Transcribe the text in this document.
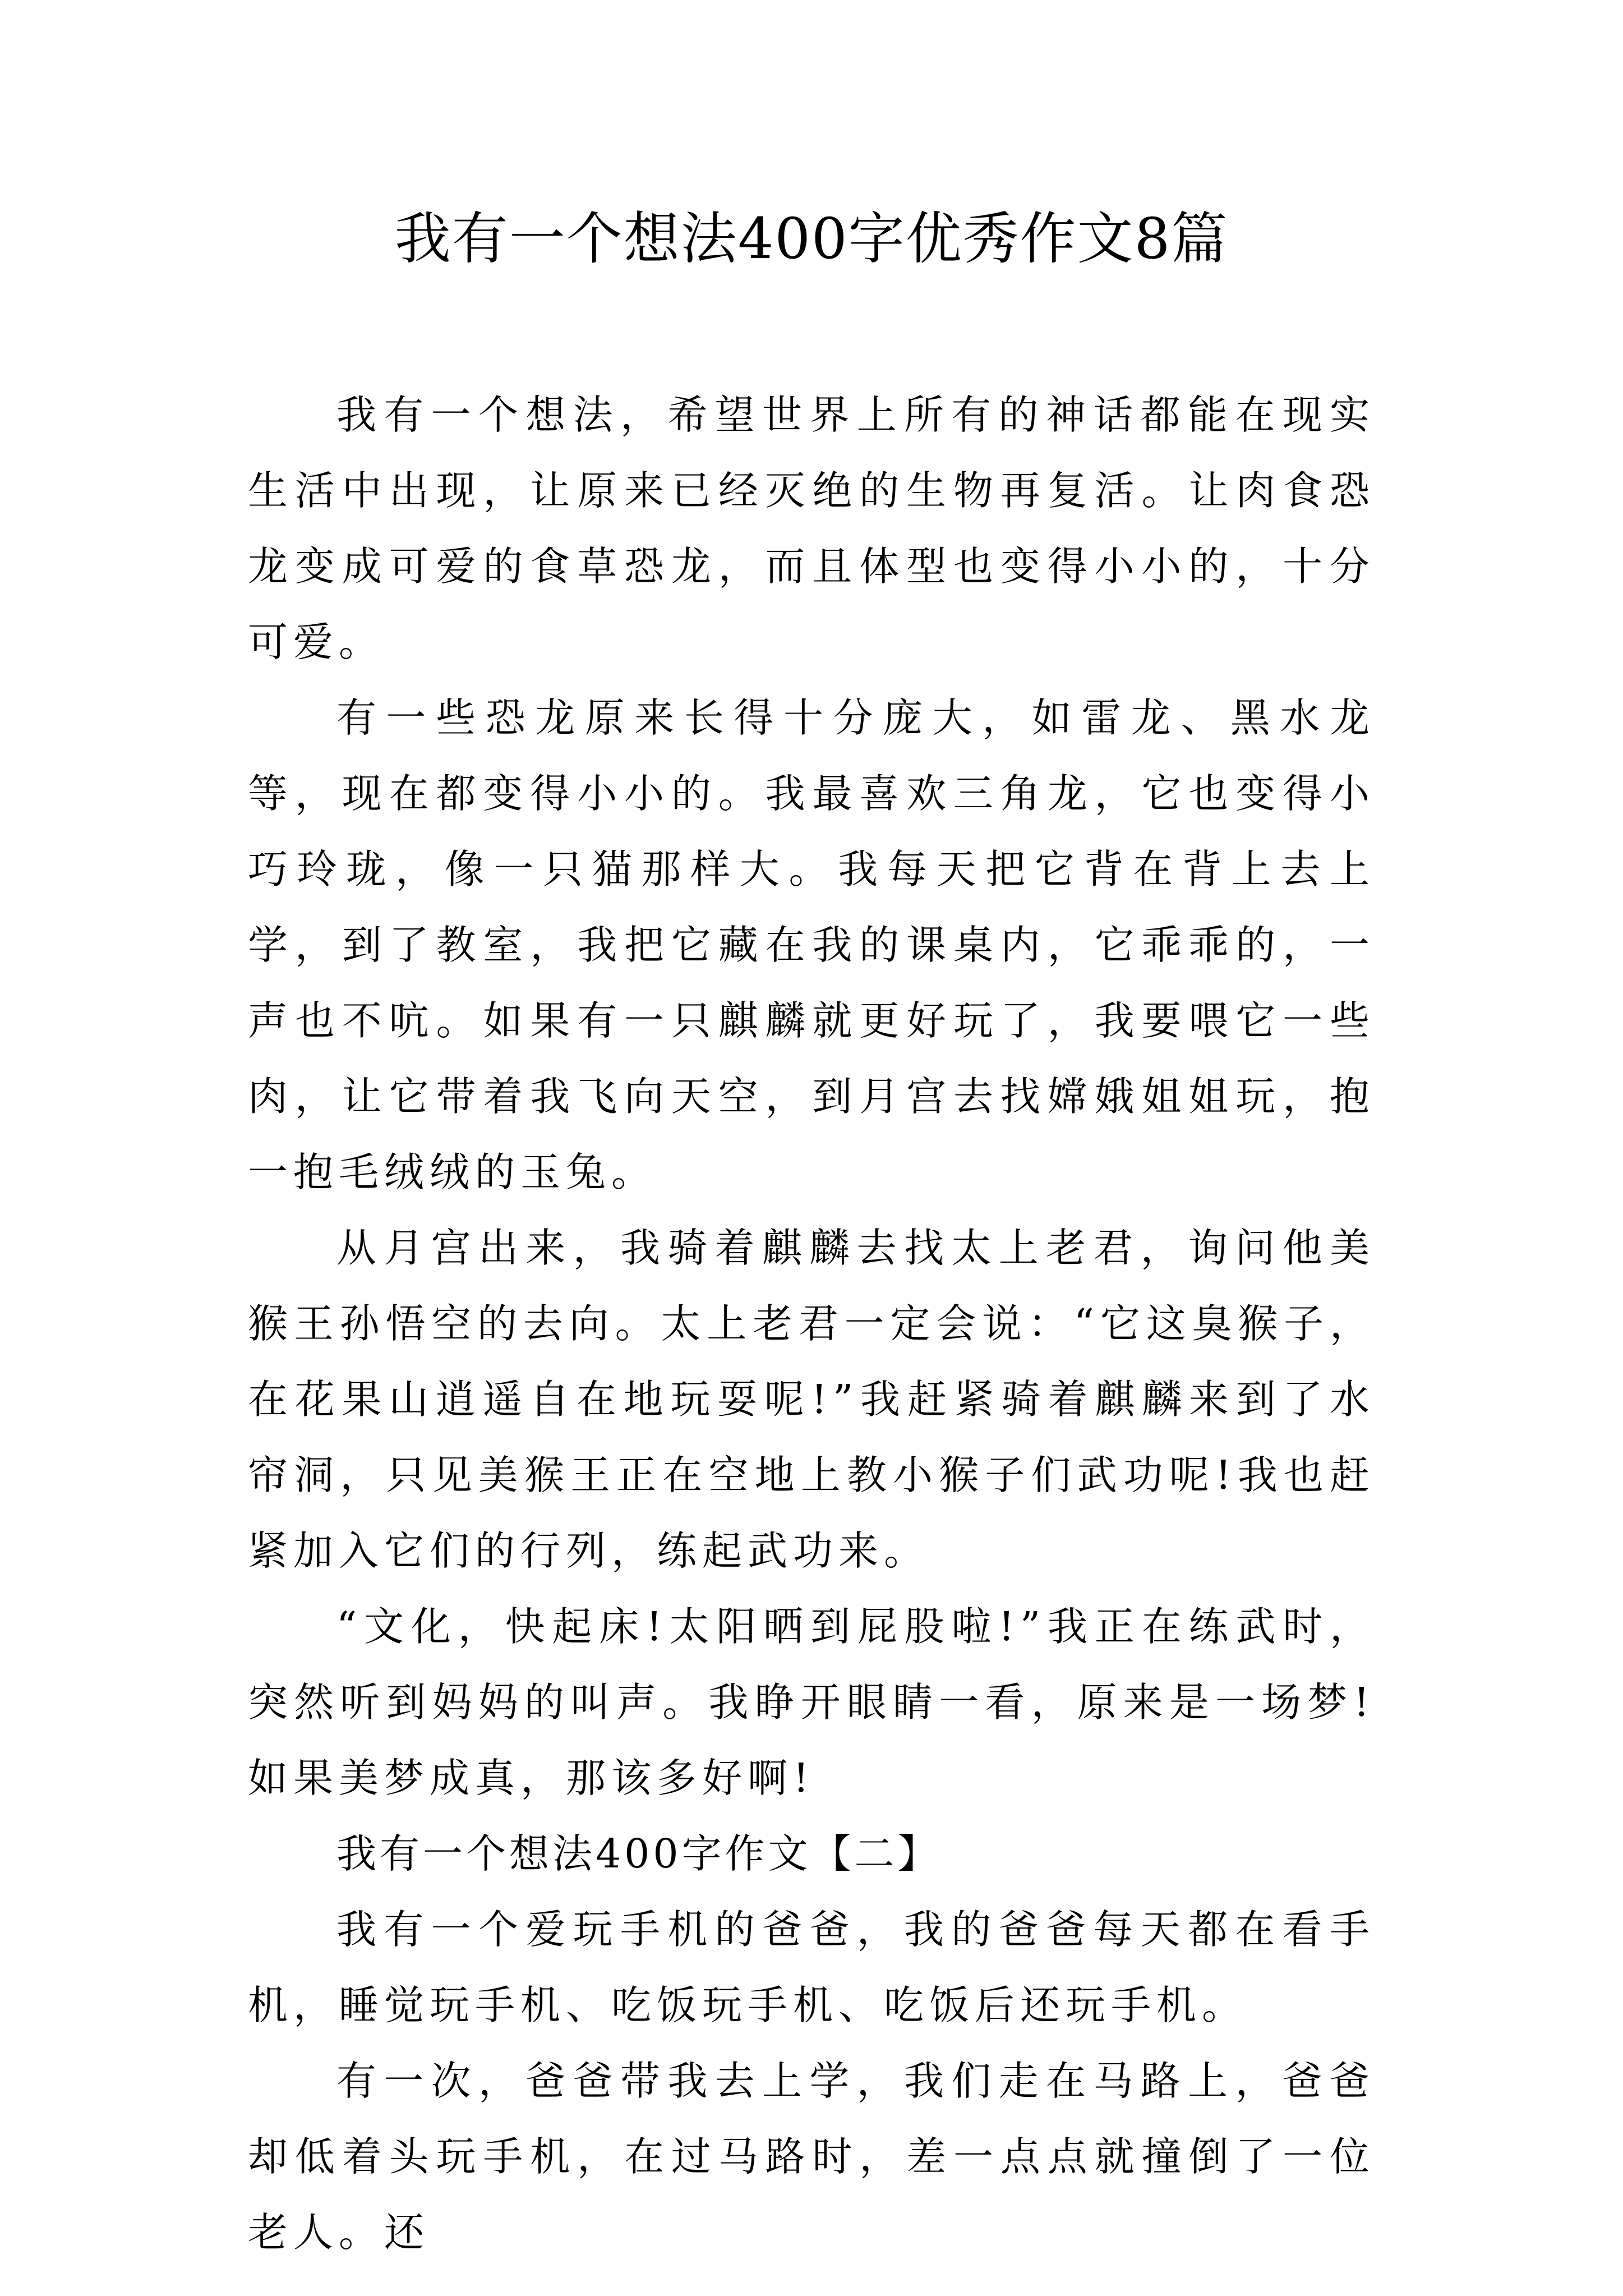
我有一个想法400字优秀作文8篇

我有一个想法，希望世界上所有的神话都能在现实生活中出现，让原来已经灭绝的生物再复活。让肉食恐龙变成可爱的食草恐龙，而且体型也变得小小的，十分可爱。

有一些恐龙原来长得十分庞大，如雷龙、黑水龙等，现在都变得小小的。我最喜欢三角龙，它也变得小巧玲珑，像一只猫那样大。我每天把它背在背上去上学，到了教室，我把它藏在我的课桌内，它乖乖的，一声也不吭。如果有一只麒麟就更好玩了，我要喂它一些肉，让它带着我飞向天空，到月宫去找嫦娥姐姐玩，抱一抱毛绒绒的玉兔。

从月宫出来，我骑着麒麟去找太上老君，询问他美猴王孙悟空的去向。太上老君一定会说：“它这臭猴子，在花果山逍遥自在地玩耍呢!”我赶紧骑着麒麟来到了水帘洞，只见美猴王正在空地上教小猴子们武功呢!我也赶紧加入它们的行列，练起武功来。

“文化，快起床!太阳晒到屁股啦!”我正在练武时，突然听到妈妈的叫声。我睁开眼睛一看，原来是一场梦!如果美梦成真，那该多好啊!

我有一个想法400字作文【二】

我有一个爱玩手机的爸爸，我的爸爸每天都在看手机，睡觉玩手机、吃饭玩手机、吃饭后还玩手机。

有一次，爸爸带我去上学，我们走在马路上，爸爸却低着头玩手机，在过马路时，差一点点就撞倒了一位老人。还
